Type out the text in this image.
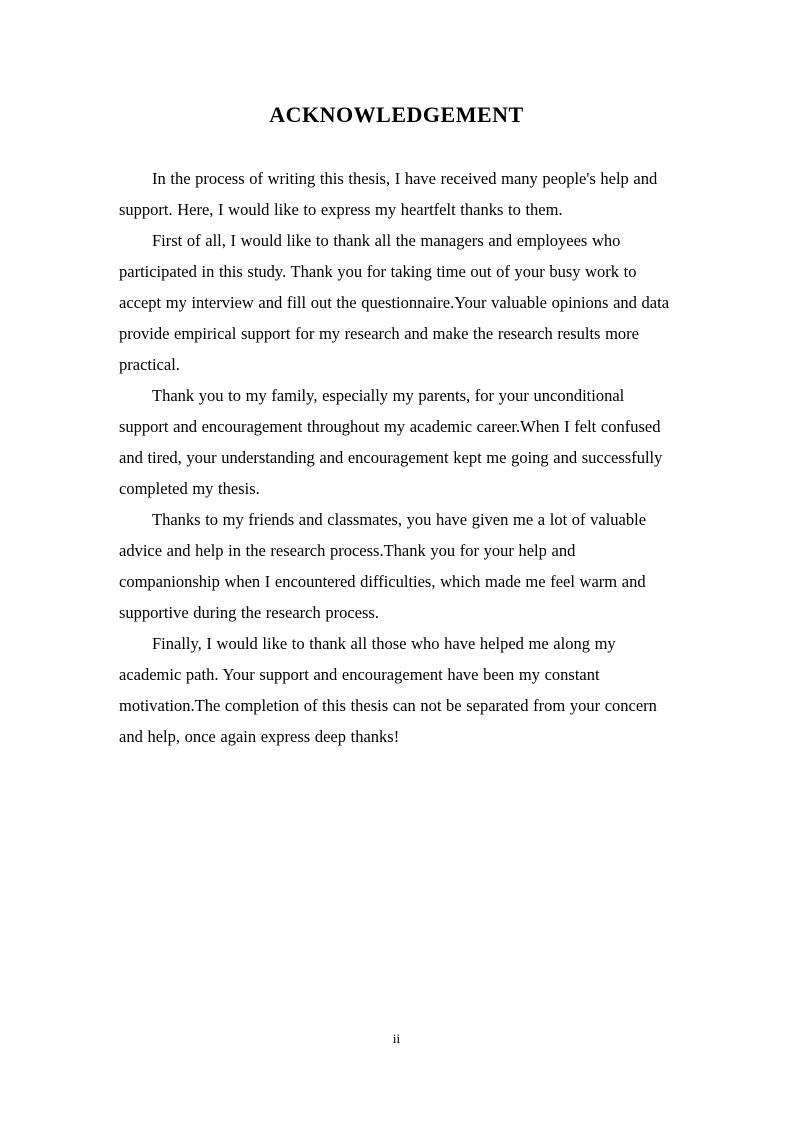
ACKNOWLEDGEMENT

In the process of writing this thesis, I have received many people's help and support. Here, I would like to express my heartfelt thanks to them.

First of all, I would like to thank all the managers and employees who participated in this study. Thank you for taking time out of your busy work to accept my interview and fill out the questionnaire.Your valuable opinions and data provide empirical support for my research and make the research results more practical.

Thank you to my family, especially my parents, for your unconditional support and encouragement throughout my academic career.When I felt confused and tired, your understanding and encouragement kept me going and successfully completed my thesis.

Thanks to my friends and classmates, you have given me a lot of valuable advice and help in the research process.Thank you for your help and companionship when I encountered difficulties, which made me feel warm and supportive during the research process.

Finally, I would like to thank all those who have helped me along my academic path. Your support and encouragement have been my constant motivation.The completion of this thesis can not be separated from your concern and help, once again express deep thanks!

ii
